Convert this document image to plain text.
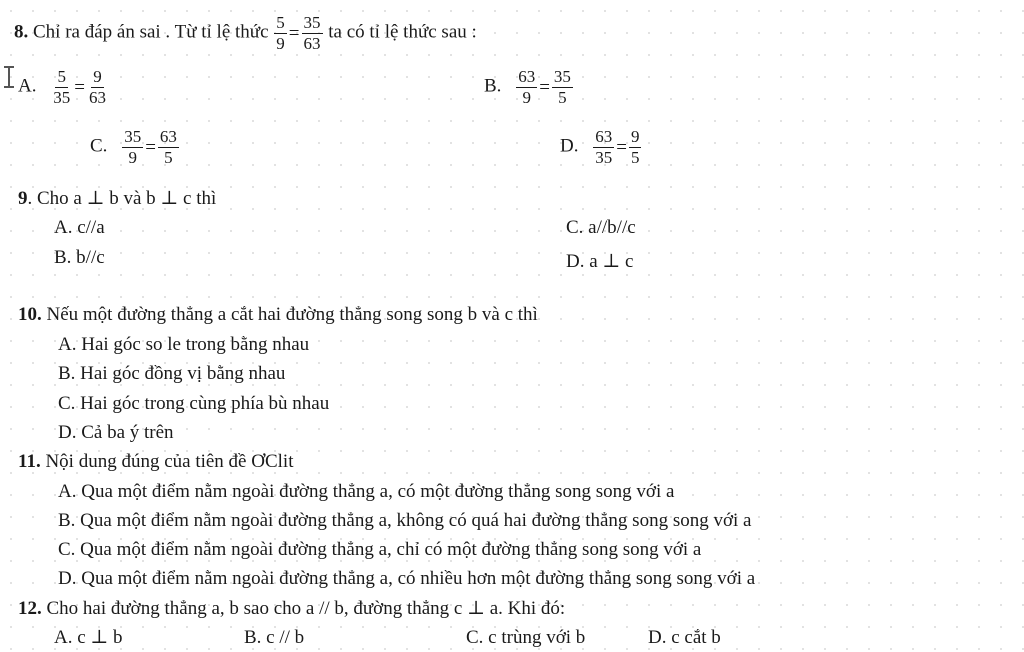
8. Chỉ ra đáp án sai . Từ tỉ lệ thức $\frac{5}{9} = \frac{35}{63}$ ta có tỉ lệ thức sau :
A. $\frac{5}{35} = \frac{9}{63}$	B. $\frac{63}{9} = \frac{35}{5}$
C. $\frac{35}{9} = \frac{63}{5}$	D. $\frac{63}{35} = \frac{9}{5}$
9. Cho a ⊥ b và b ⊥ c thì
A. c//a	C. a//b//c
B. b//c	D. a ⊥ c
10. Nếu một đường thẳng a cắt hai đường thẳng song song b và c thì
A. Hai góc so le trong bằng nhau
B. Hai góc đồng vị bằng nhau
C. Hai góc trong cùng phía bù nhau
D. Cả ba ý trên
11. Nội dung đúng của tiên đề ƠClit
A. Qua một điểm nằm ngoài đường thẳng a, có một đường thẳng song song với a
B. Qua một điểm nằm ngoài đường thẳng a, không có quá hai đường thẳng song song với a
C. Qua một điểm nằm ngoài đường thẳng a, chỉ có một đường thẳng song song với a
D. Qua một điểm nằm ngoài đường thẳng a, có nhiều hơn một đường thẳng song song với a
12. Cho hai đường thẳng a, b sao cho a // b, đường thẳng c ⊥ a. Khi đó:
A. c ⊥ b	B. c // b	C. c trùng với b	D. c cắt b
